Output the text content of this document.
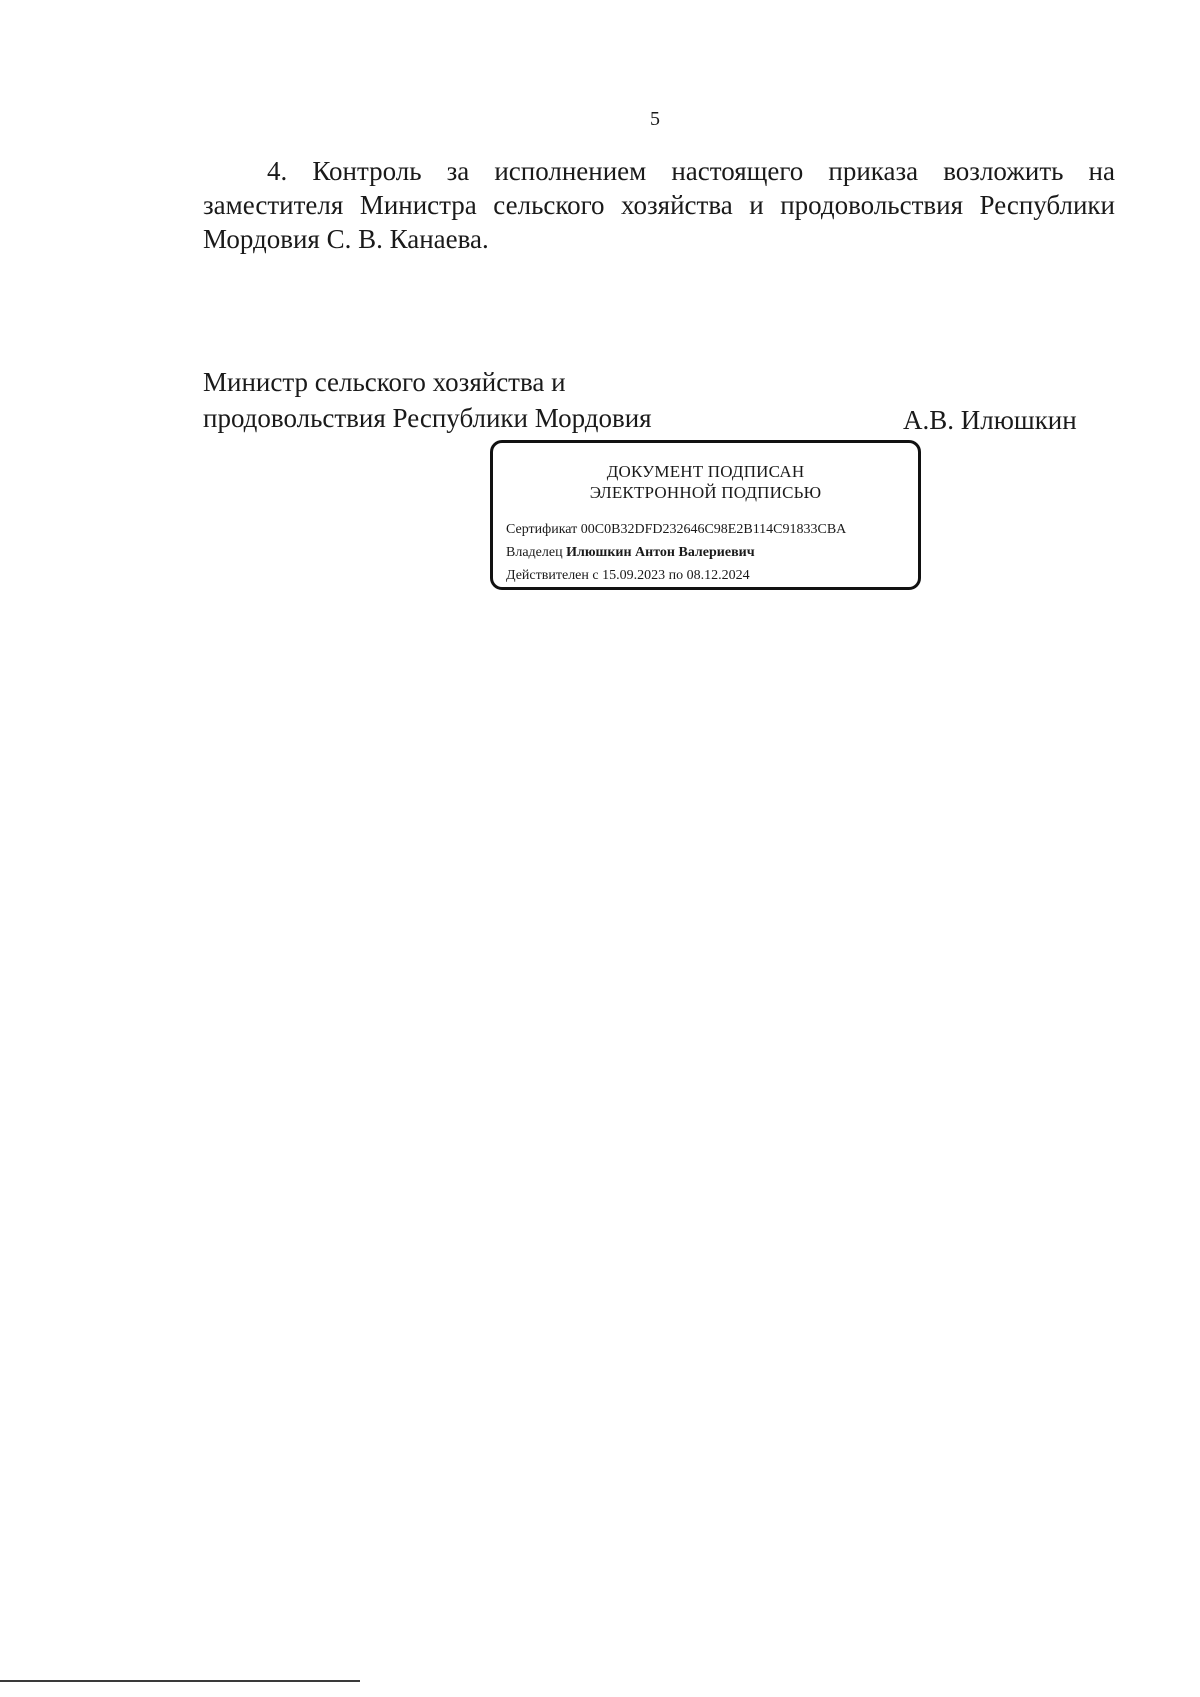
5
4. Контроль за исполнением настоящего приказа возложить на заместителя Министра сельского хозяйства и продовольствия Республики Мордовия С. В. Канаева.
Министр сельского хозяйства и
продовольствия Республики Мордовия	А.В. Илюшкин
ДОКУМЕНТ ПОДПИСАН
ЭЛЕКТРОННОЙ ПОДПИСЬЮ
Сертификат 00C0B32DFD232646C98E2B114C91833CBA
Владелец Илюшкин Антон Валериевич
Действителен с 15.09.2023 по 08.12.2024
